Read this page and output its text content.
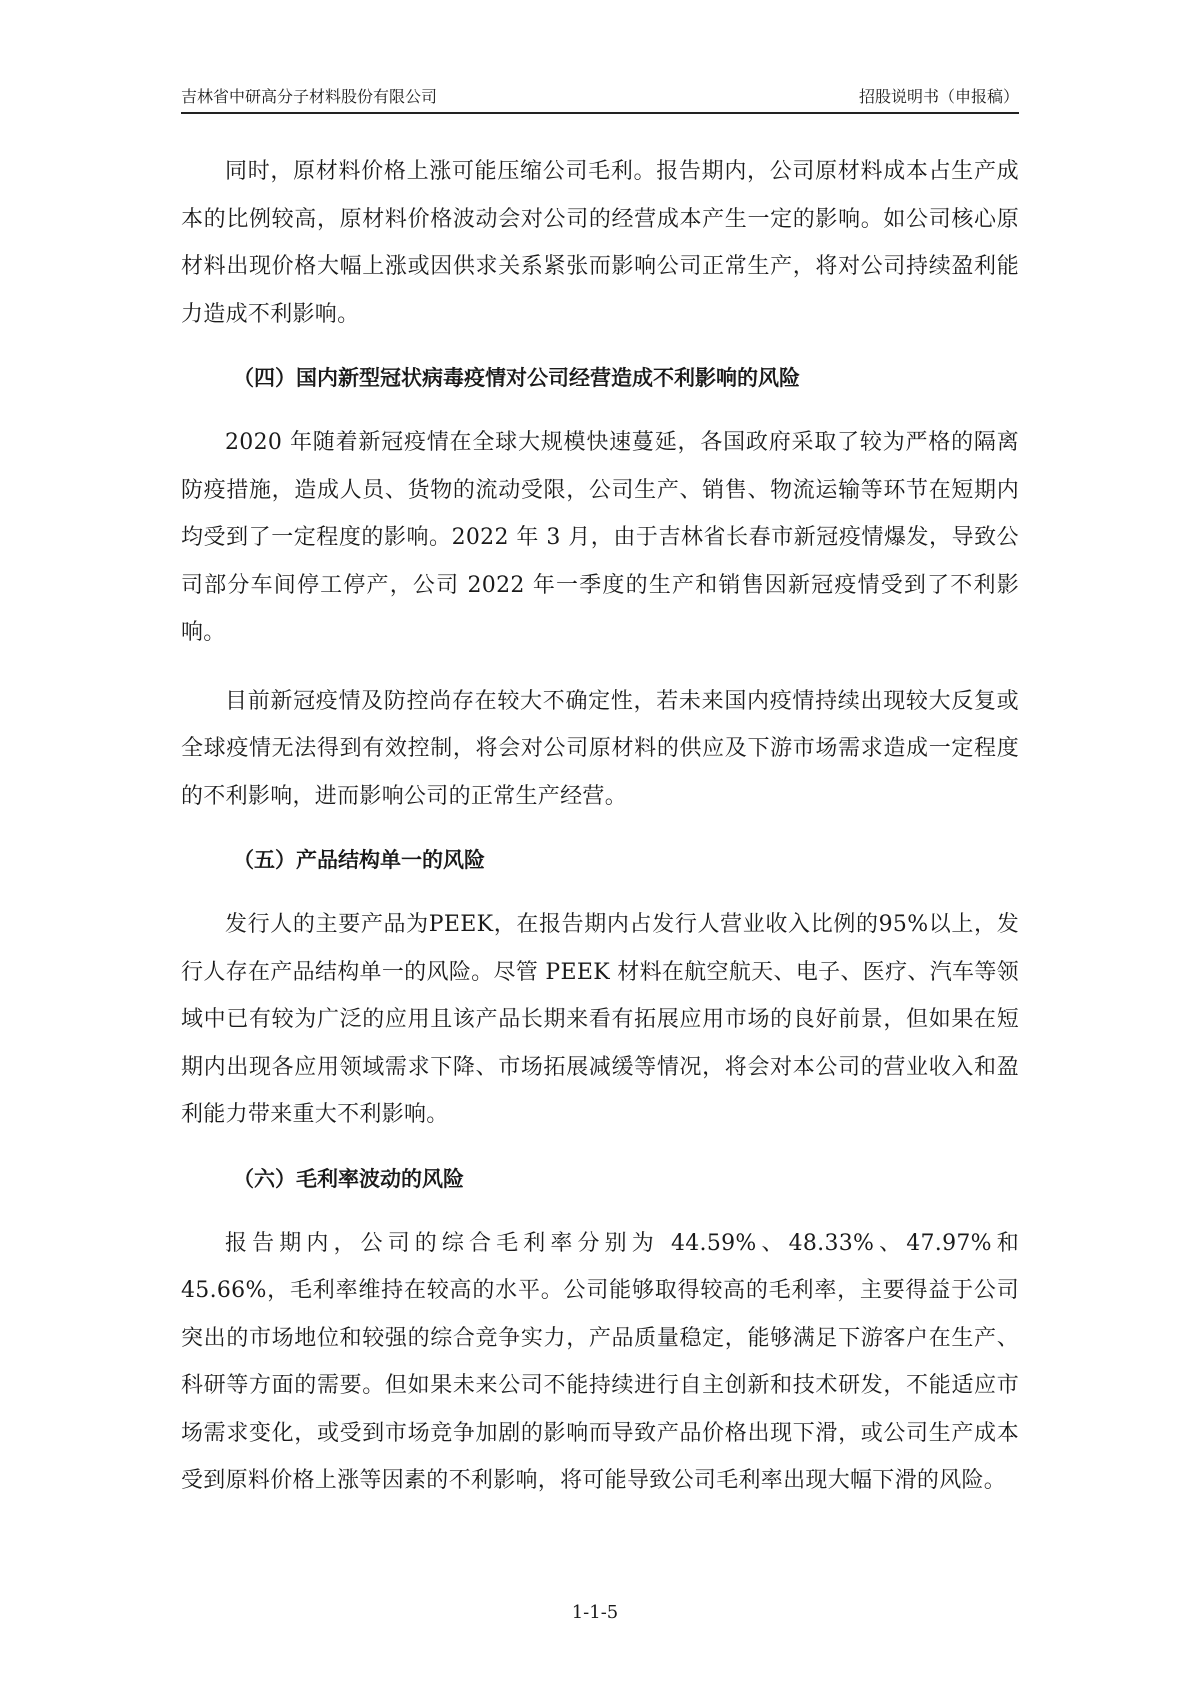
吉林省中研高分子材料股份有限公司	招股说明书（申报稿）

同时，原材料价格上涨可能压缩公司毛利。报告期内，公司原材料成本占生产成本的比例较高，原材料价格波动会对公司的经营成本产生一定的影响。如公司核心原材料出现价格大幅上涨或因供求关系紧张而影响公司正常生产，将对公司持续盈利能力造成不利影响。

（四）国内新型冠状病毒疫情对公司经营造成不利影响的风险

2020 年随着新冠疫情在全球大规模快速蔓延，各国政府采取了较为严格的隔离防疫措施，造成人员、货物的流动受限，公司生产、销售、物流运输等环节在短期内均受到了一定程度的影响。2022 年 3 月，由于吉林省长春市新冠疫情爆发，导致公司部分车间停工停产，公司 2022 年一季度的生产和销售因新冠疫情受到了不利影响。

目前新冠疫情及防控尚存在较大不确定性，若未来国内疫情持续出现较大反复或全球疫情无法得到有效控制，将会对公司原材料的供应及下游市场需求造成一定程度的不利影响，进而影响公司的正常生产经营。

（五）产品结构单一的风险

发行人的主要产品为PEEK，在报告期内占发行人营业收入比例的95%以上，发行人存在产品结构单一的风险。尽管 PEEK 材料在航空航天、电子、医疗、汽车等领域中已有较为广泛的应用且该产品长期来看有拓展应用市场的良好前景，但如果在短期内出现各应用领域需求下降、市场拓展减缓等情况，将会对本公司的营业收入和盈利能力带来重大不利影响。

（六）毛利率波动的风险

报告期内，公司的综合毛利率分别为 44.59%、48.33%、47.97%和 45.66%，毛利率维持在较高的水平。公司能够取得较高的毛利率，主要得益于公司突出的市场地位和较强的综合竞争实力，产品质量稳定，能够满足下游客户在生产、科研等方面的需要。但如果未来公司不能持续进行自主创新和技术研发，不能适应市场需求变化，或受到市场竞争加剧的影响而导致产品价格出现下滑，或公司生产成本受到原料价格上涨等因素的不利影响，将可能导致公司毛利率出现大幅下滑的风险。

1-1-5
